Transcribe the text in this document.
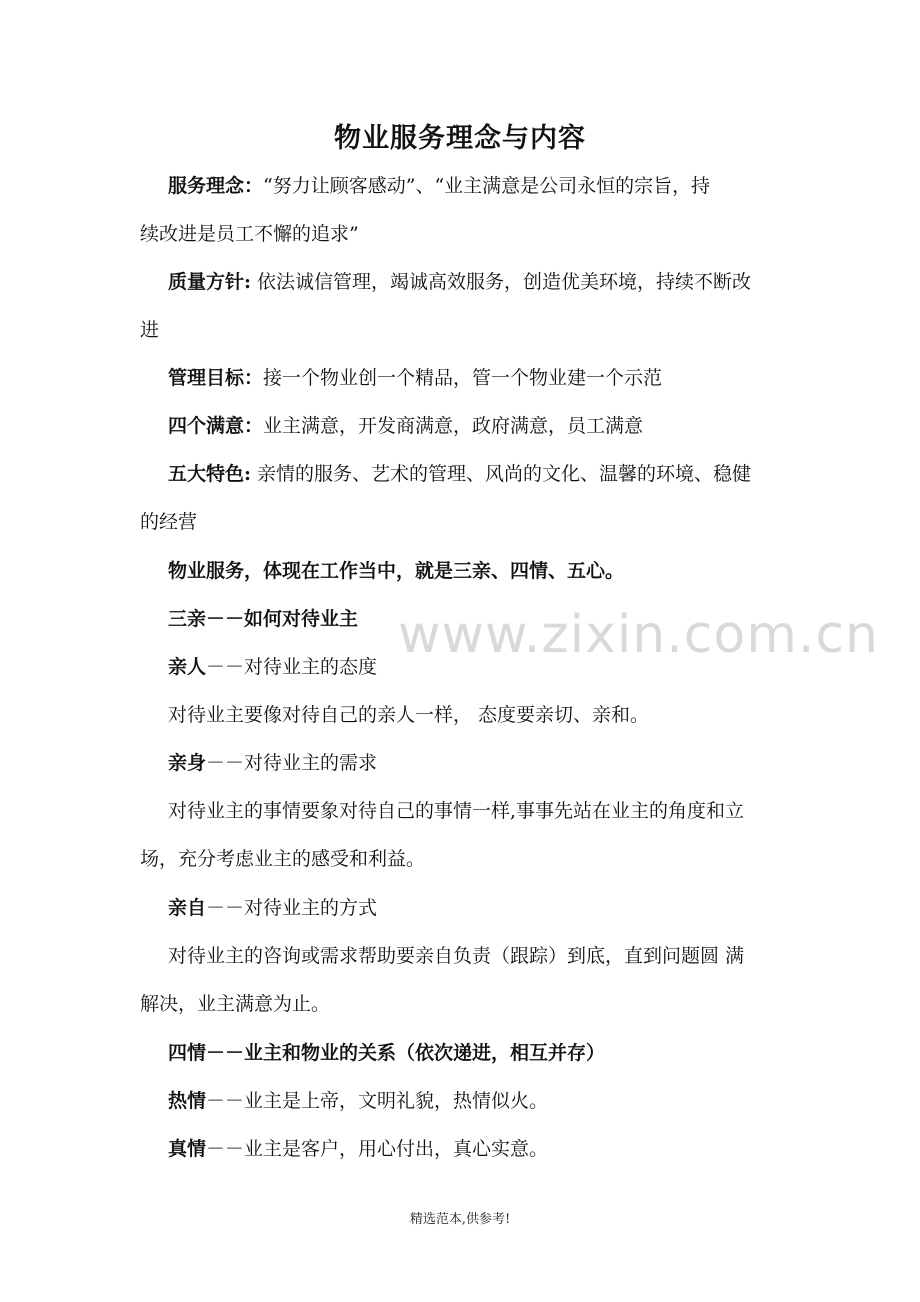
物业服务理念与内容
服务理念：“努力让顾客感动”、“业主满意是公司永恒的宗旨，持
续改进是员工不懈的追求”
质量方针: 依法诚信管理，竭诚高效服务，创造优美环境，持续不断改
进
管理目标：接一个物业创一个精品，管一个物业建一个示范
四个满意：业主满意，开发商满意，政府满意，员工满意
五大特色: 亲情的服务、艺术的管理、风尚的文化、温馨的环境、稳健
的经营
物业服务，体现在工作当中，就是三亲、四情、五心。
三亲－－如何对待业主
亲人－－对待业主的态度
对待业主要像对待自己的亲人一样， 态度要亲切、亲和。
亲身－－对待业主的需求
对待业主的事情要象对待自己的事情一样,事事先站在业主的角度和立
场，充分考虑业主的感受和利益。
亲自－－对待业主的方式
对待业主的咨询或需求帮助要亲自负责（跟踪）到底，直到问题圆 满
解决，业主满意为止。
四情－－业主和物业的关系（依次递进，相互并存）
热情－－业主是上帝，文明礼貌，热情似火。
真情－－业主是客户，用心付出，真心实意。
www.zixin.com.cn
精选范本,供参考!
